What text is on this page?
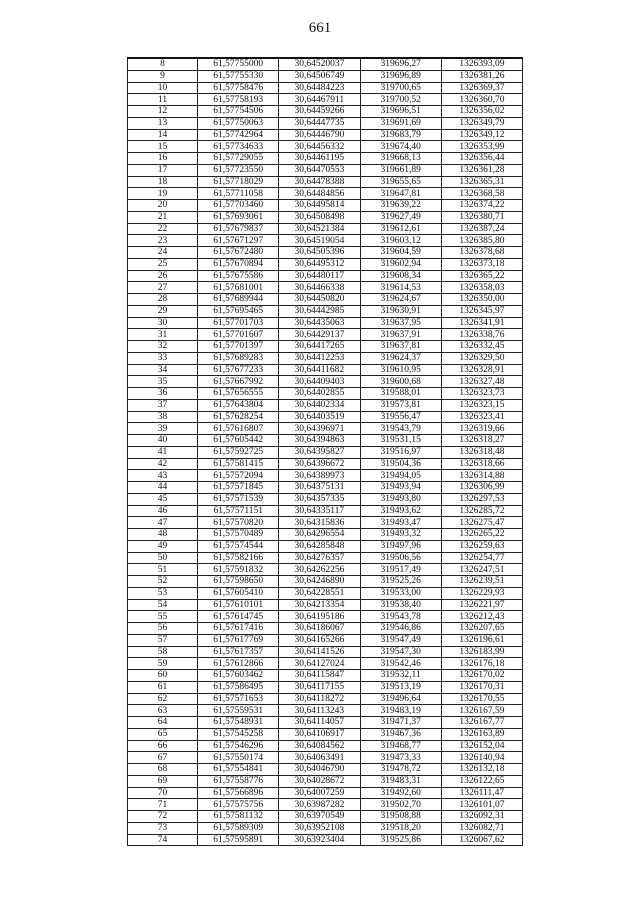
661
8	61,57755000	30,64520037	319696,27	1326393,09
9	61,57755330	30,64506749	319696,89	1326381,26
10	61,57758476	30,64484223	319700,65	1326369,37
11	61,57758193	30,64467911	319700,52	1326360,70
12	61,57754506	30,64459266	319696,51	1326356,02
13	61,57750063	30,64447735	319691,69	1326349,79
14	61,57742964	30,64446790	319683,79	1326349,12
15	61,57734633	30,64456332	319674,40	1326353,99
16	61,57729055	30,64461195	319668,13	1326356,44
17	61,57723550	30,64470553	319661,89	1326361,28
18	61,57718029	30,64478388	319655,65	1326365,31
19	61,57711058	30,64484856	319647,81	1326368,58
20	61,57703460	30,64495814	319639,22	1326374,22
21	61,57693061	30,64508498	319627,49	1326380,71
22	61,57679837	30,64521384	319612,61	1326387,24
23	61,57671297	30,64519054	319603,12	1326385,80
24	61,57672480	30,64505396	319604,59	1326378,68
25	61,57670894	30,64495312	319602,94	1326373,18
26	61,57675586	30,64480117	319608,34	1326365,22
27	61,57681001	30,64466338	319614,53	1326358,03
28	61,57689944	30,64450820	319624,67	1326350,00
29	61,57695465	30,64442985	319630,91	1326345,97
30	61,57701703	30,64435063	319637,95	1326341,91
31	61,57701607	30,64429137	319637,91	1326338,76
32	61,57701397	30,64417265	319637,81	1326332,45
33	61,57689283	30,64412253	319624,37	1326329,50
34	61,57677233	30,64411682	319610,95	1326328,91
35	61,57667992	30,64409403	319600,68	1326327,48
36	61,57656555	30,64402855	319588,01	1326323,73
37	61,57643804	30,64402334	319573,81	1326323,15
38	61,57628254	30,64403519	319556,47	1326323,41
39	61,57616807	30,64396971	319543,79	1326319,66
40	61,57605442	30,64394863	319531,15	1326318,27
41	61,57592725	30,64395827	319516,97	1326318,48
42	61,57581415	30,64396672	319504,36	1326318,66
43	61,57572094	30,64389973	319494,05	1326314,88
44	61,57571845	30,64375131	319493,94	1326306,99
45	61,57571539	30,64357335	319493,80	1326297,53
46	61,57571151	30,64335117	319493,62	1326285,72
47	61,57570820	30,64315836	319493,47	1326275,47
48	61,57570489	30,64296554	319493,32	1326265,22
49	61,57574544	30,64285848	319497,96	1326259,63
50	61,57582166	30,64276357	319506,56	1326254,77
51	61,57591832	30,64262256	319517,49	1326247,51
52	61,57598650	30,64246890	319525,26	1326239,51
53	61,57605410	30,64228551	319533,00	1326229,93
54	61,57610101	30,64213354	319538,40	1326221,97
55	61,57614745	30,64195186	319543,78	1326212,43
56	61,57617416	30,64186067	319546,86	1326207,65
57	61,57617769	30,64165266	319547,49	1326196,61
58	61,57617357	30,64141526	319547,30	1326183,99
59	61,57612866	30,64127024	319542,46	1326176,18
60	61,57603462	30,64115847	319532,11	1326170,02
61	61,57586495	30,64117155	319513,19	1326170,31
62	61,57571653	30,64118272	319496,64	1326170,55
63	61,57559531	30,64113243	319483,19	1326167,59
64	61,57548931	30,64114057	319471,37	1326167,77
65	61,57545258	30,64106917	319467,36	1326163,89
66	61,57546296	30,64084562	319468,77	1326152,04
67	61,57550174	30,64063491	319473,33	1326140,94
68	61,57554841	30,64046790	319478,72	1326132,18
69	61,57558776	30,64028672	319483,31	1326122,65
70	61,57566896	30,64007259	319492,60	1326111,47
71	61,57575756	30,63987282	319502,70	1326101,07
72	61,57581132	30,63970549	319508,88	1326092,31
73	61,57589309	30,63952108	319518,20	1326082,71
74	61,57595891	30,63923404	319525,86	1326067,62
